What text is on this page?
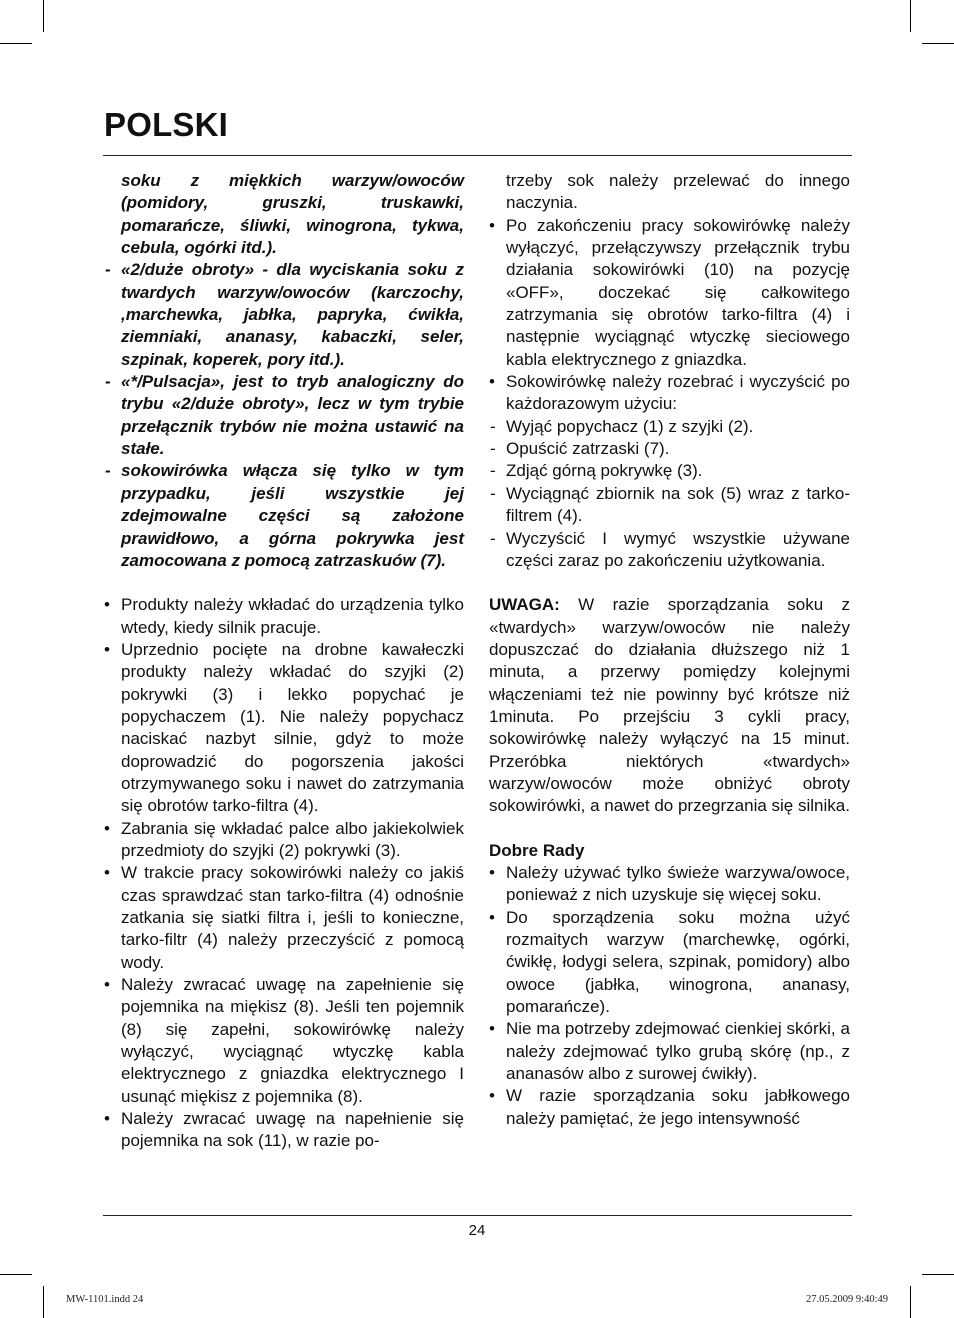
POLSKI

soku z miękkich warzyw/owoców (pomidory, gruszki, truskawki, pomarańcze, śliwki, winogrona, tykwa, cebula, ogórki itd.).

- «2/duże obroty» - dla wyciskania soku z twardych warzyw/owoców (karczochy, ,marchewka, jabłka, papryka, ćwikła, ziemniaki, ananasy, kabaczki, seler, szpinak, koperek, pory itd.).
- «*/Pulsacja», jest to tryb analogiczny do trybu «2/duże obroty», lecz w tym trybie przełącznik trybów nie można ustawić na stałe.
- sokowirówka włącza się tylko w tym przypadku, jeśli wszystkie jej zdejmowalne części są założone prawidłowo, a górna pokrywka jest zamocowana z pomocą zatrzaskuów (7).
• Produkty należy wkładać do urządzenia tylko wtedy, kiedy silnik pracuje.
• Uprzednio pocięte na drobne kawałeczki produkty należy wkładać do szyjki (2) pokrywki (3) i lekko popychać je popychaczem (1). Nie należy popychacz naciskać nazbyt silnie, gdyż to może doprowadzić do pogorszenia jakości otrzymywanego soku i nawet do zatrzymania się obrotów tarko-filtra (4).
• Zabrania się wkładać palce albo jakiekolwiek przedmioty do szyjki (2) pokrywki (3).
• W trakcie pracy sokowirówki należy co jakiś czas sprawdzać stan tarko-filtra (4) odnośnie zatkania się siatki filtra i, jeśli to konieczne, tarko-filtr (4) należy przeczyścić z pomocą wody.
• Należy zwracać uwagę na zapełnienie się pojemnika na miękisz (8). Jeśli ten pojemnik (8) się zapełni, sokowirówkę należy wyłączyć, wyciągnąć wtyczkę kabla elektrycznego z gniazdka elektrycznego I usunąć miękisz z pojemnika (8).
• Należy zwracać uwagę na napełnienie się pojemnika na sok (11), w razie po-

trzeby sok należy przelewać do innego naczynia.

• Po zakończeniu pracy sokowirówkę należy wyłączyć, przełączywszy przełącznik trybu działania sokowirówki (10) na pozycję «OFF», doczekać się całkowitego zatrzymania się obrotów tarko-filtra (4) i następnie wyciągnąć wtyczkę sieciowego kabla elektrycznego z gniazdka.
• Sokowirówkę należy rozebrać i wyczyścić po każdorazowym użyciu:
- Wyjąć popychacz (1) z szyjki (2).
- Opuścić zatrzaski (7).
- Zdjąć górną pokrywkę (3).
- Wyciągnąć zbiornik na sok (5) wraz z tarko-filtrem (4).
- Wyczyścić I wymyć wszystkie używane części zaraz po zakończeniu użytkowania.

UWAGA: W razie sporządzania soku z «twardych» warzyw/owoców nie należy dopuszczać do działania dłuższego niż 1 minuta, a przerwy pomiędzy kolejnymi włączeniami też nie powinny być krótsze niż 1minuta. Po przejściu 3 cykli pracy, sokowirówkę należy wyłączyć na 15 minut. Przeróbka niektórych «twardych» warzyw/owoców może obniżyć obroty sokowirówki, a nawet do przegrzania się silnika.

Dobre Rady

• Należy używać tylko świeże warzywa/owoce, ponieważ z nich uzyskuje się więcej soku.
• Do sporządzenia soku można użyć rozmaitych warzyw (marchewkę, ogórki, ćwikłę, łodygi selera, szpinak, pomidory) albo owoce (jabłka, winogrona, ananasy, pomarańcze).
• Nie ma potrzeby zdejmować cienkiej skórki, a należy zdejmować tylko grubą skórę (np., z ananasów albo z surowej ćwikły).
• W razie sporządzania soku jabłkowego należy pamiętać, że jego intensywność
24
MW-1101.indd 24	27.05.2009 9:40:49
